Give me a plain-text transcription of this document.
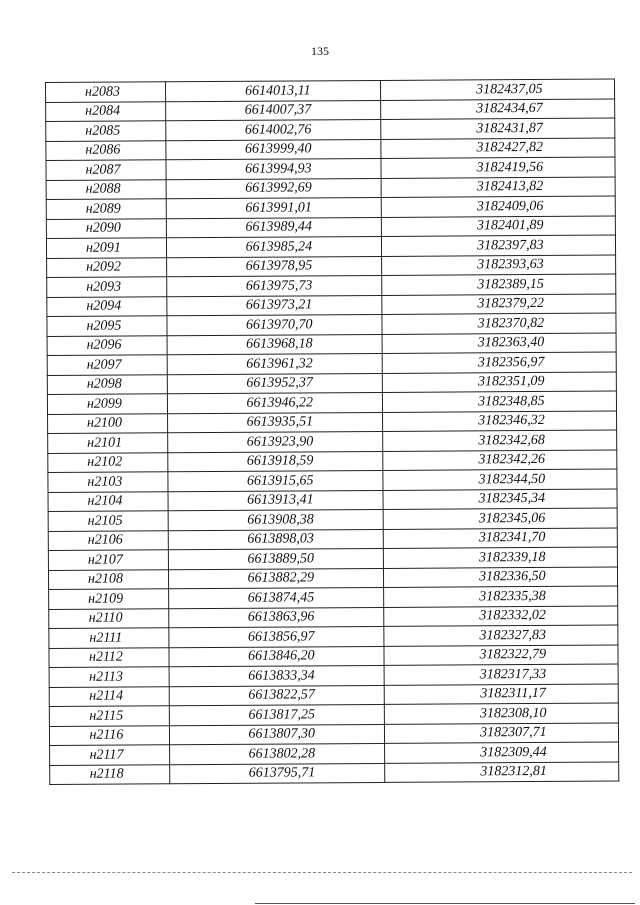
135
н2083	6614013,11	3182437,05
н2084	6614007,37	3182434,67
н2085	6614002,76	3182431,87
н2086	6613999,40	3182427,82
н2087	6613994,93	3182419,56
н2088	6613992,69	3182413,82
н2089	6613991,01	3182409,06
н2090	6613989,44	3182401,89
н2091	6613985,24	3182397,83
н2092	6613978,95	3182393,63
н2093	6613975,73	3182389,15
н2094	6613973,21	3182379,22
н2095	6613970,70	3182370,82
н2096	6613968,18	3182363,40
н2097	6613961,32	3182356,97
н2098	6613952,37	3182351,09
н2099	6613946,22	3182348,85
н2100	6613935,51	3182346,32
н2101	6613923,90	3182342,68
н2102	6613918,59	3182342,26
н2103	6613915,65	3182344,50
н2104	6613913,41	3182345,34
н2105	6613908,38	3182345,06
н2106	6613898,03	3182341,70
н2107	6613889,50	3182339,18
н2108	6613882,29	3182336,50
н2109	6613874,45	3182335,38
н2110	6613863,96	3182332,02
н2111	6613856,97	3182327,83
н2112	6613846,20	3182322,79
н2113	6613833,34	3182317,33
н2114	6613822,57	3182311,17
н2115	6613817,25	3182308,10
н2116	6613807,30	3182307,71
н2117	6613802,28	3182309,44
н2118	6613795,71	3182312,81
